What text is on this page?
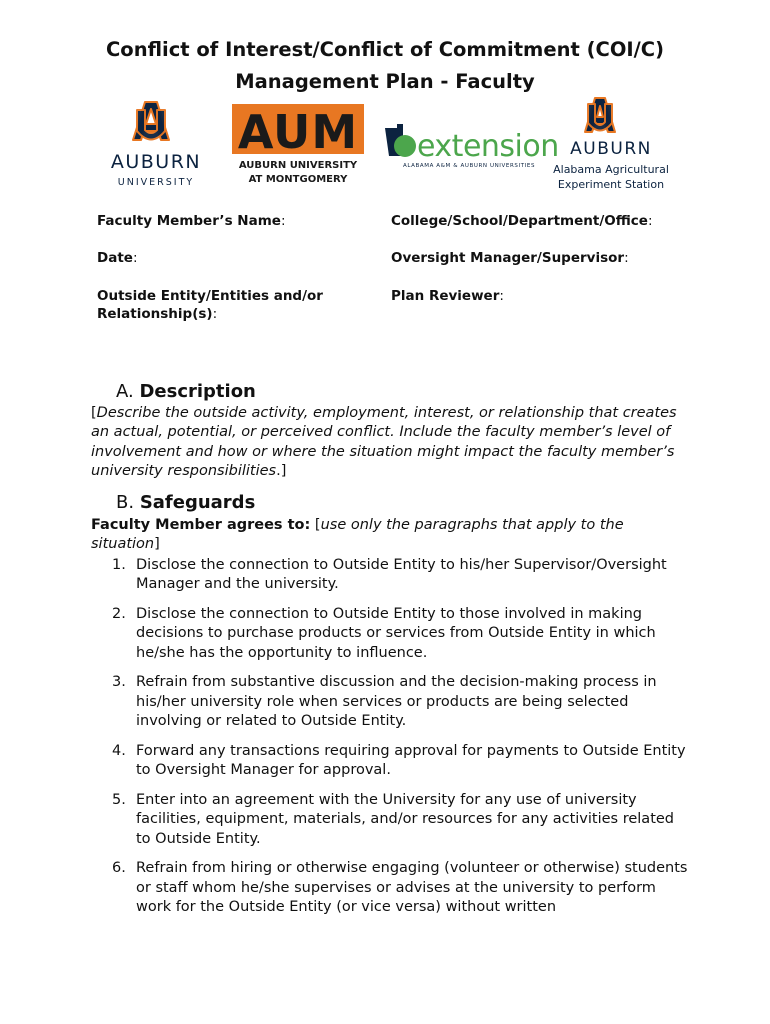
Conflict of Interest/Conflict of Commitment (COI/C)
Management Plan - Faculty
AUBURN
UNIVERSITY
AUM
AUBURN UNIVERSITY
AT MONTGOMERY
extension
ALABAMA A&M & AUBURN UNIVERSITIES
AUBURN
Alabama Agricultural
Experiment Station
Faculty Member’s Name:	College/School/Department/Office:
Date:	Oversight Manager/Supervisor:
Outside Entity/Entities and/or Relationship(s):
Plan Reviewer:
A. Description
[Describe the outside activity, employment, interest, or relationship that creates an actual, potential, or perceived conflict. Include the faculty member’s level of involvement and how or where the situation might impact the faculty member’s university responsibilities.]
B. Safeguards
Faculty Member agrees to: [use only the paragraphs that apply to the situation]
1. Disclose the connection to Outside Entity to his/her Supervisor/Oversight Manager and the university.
2. Disclose the connection to Outside Entity to those involved in making decisions to purchase products or services from Outside Entity in which he/she has the opportunity to influence.
3. Refrain from substantive discussion and the decision-making process in his/her university role when services or products are being selected involving or related to Outside Entity.
4. Forward any transactions requiring approval for payments to Outside Entity to Oversight Manager for approval.
5. Enter into an agreement with the University for any use of university facilities, equipment, materials, and/or resources for any activities related to Outside Entity.
6. Refrain from hiring or otherwise engaging (volunteer or otherwise) students or staff whom he/she supervises or advises at the university to perform work for the Outside Entity (or vice versa) without written
